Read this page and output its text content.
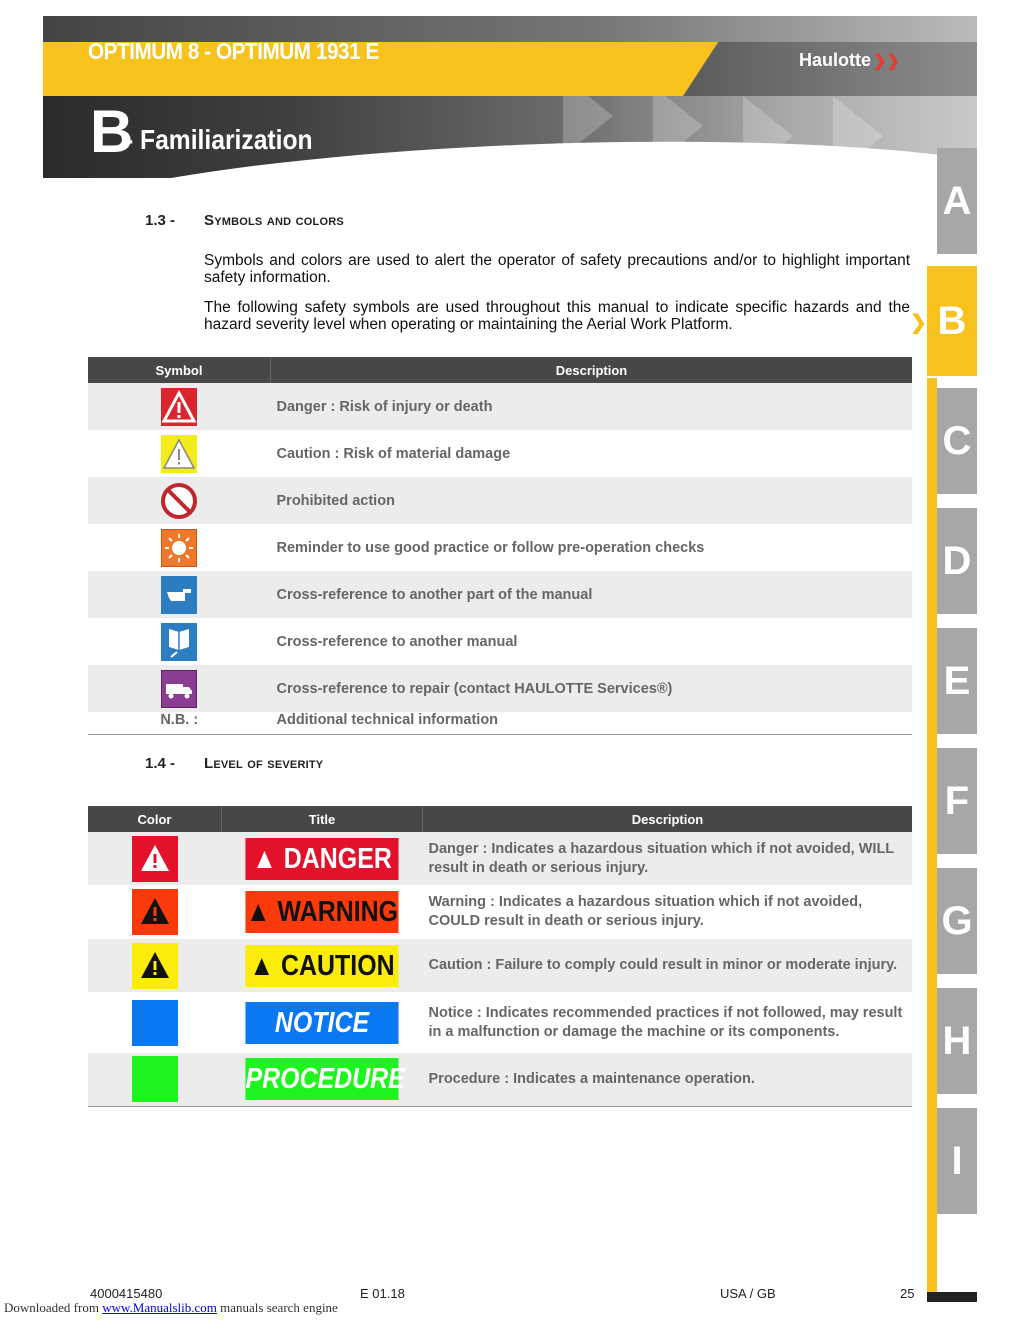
OPTIMUM 8 - OPTIMUM 1931 E	Haulotte ❯❯
B
- Familiarization
A
B
❯
C
D
E
F
G
H
I
1.3 - Symbols and colors
Symbols and colors are used to alert the operator of safety precautions and/or to highlight important safety information.
The following safety symbols are used throughout this manual to indicate specific hazards and the hazard severity level when operating or maintaining the Aerial Work Platform.
Symbol	Description
	Danger : Risk of injury or death
	Caution : Risk of material damage
	Prohibited action
	Reminder to use good practice or follow pre-operation checks
	Cross-reference to another part of the manual
	Cross-reference to another manual
	Cross-reference to repair (contact HAULOTTE Services®)
N.B. :	Additional technical information
1.4 - Level of severity
Color	Title	Description
	▲ DANGER	Danger : Indicates a hazardous situation which if not avoided, WILL result in death or serious injury.
	▲ WARNING	Warning : Indicates a hazardous situation which if not avoided, COULD result in death or serious injury.
	▲ CAUTION	Caution : Failure to comply could result in minor or moderate injury.
	NOTICE	Notice : Indicates recommended practices if not followed, may result in a malfunction or damage the machine or its components.
	PROCEDURE	Procedure : Indicates a maintenance operation.
4000415480	E 01.18	USA / GB	25
Downloaded from www.Manualslib.com manuals search engine
